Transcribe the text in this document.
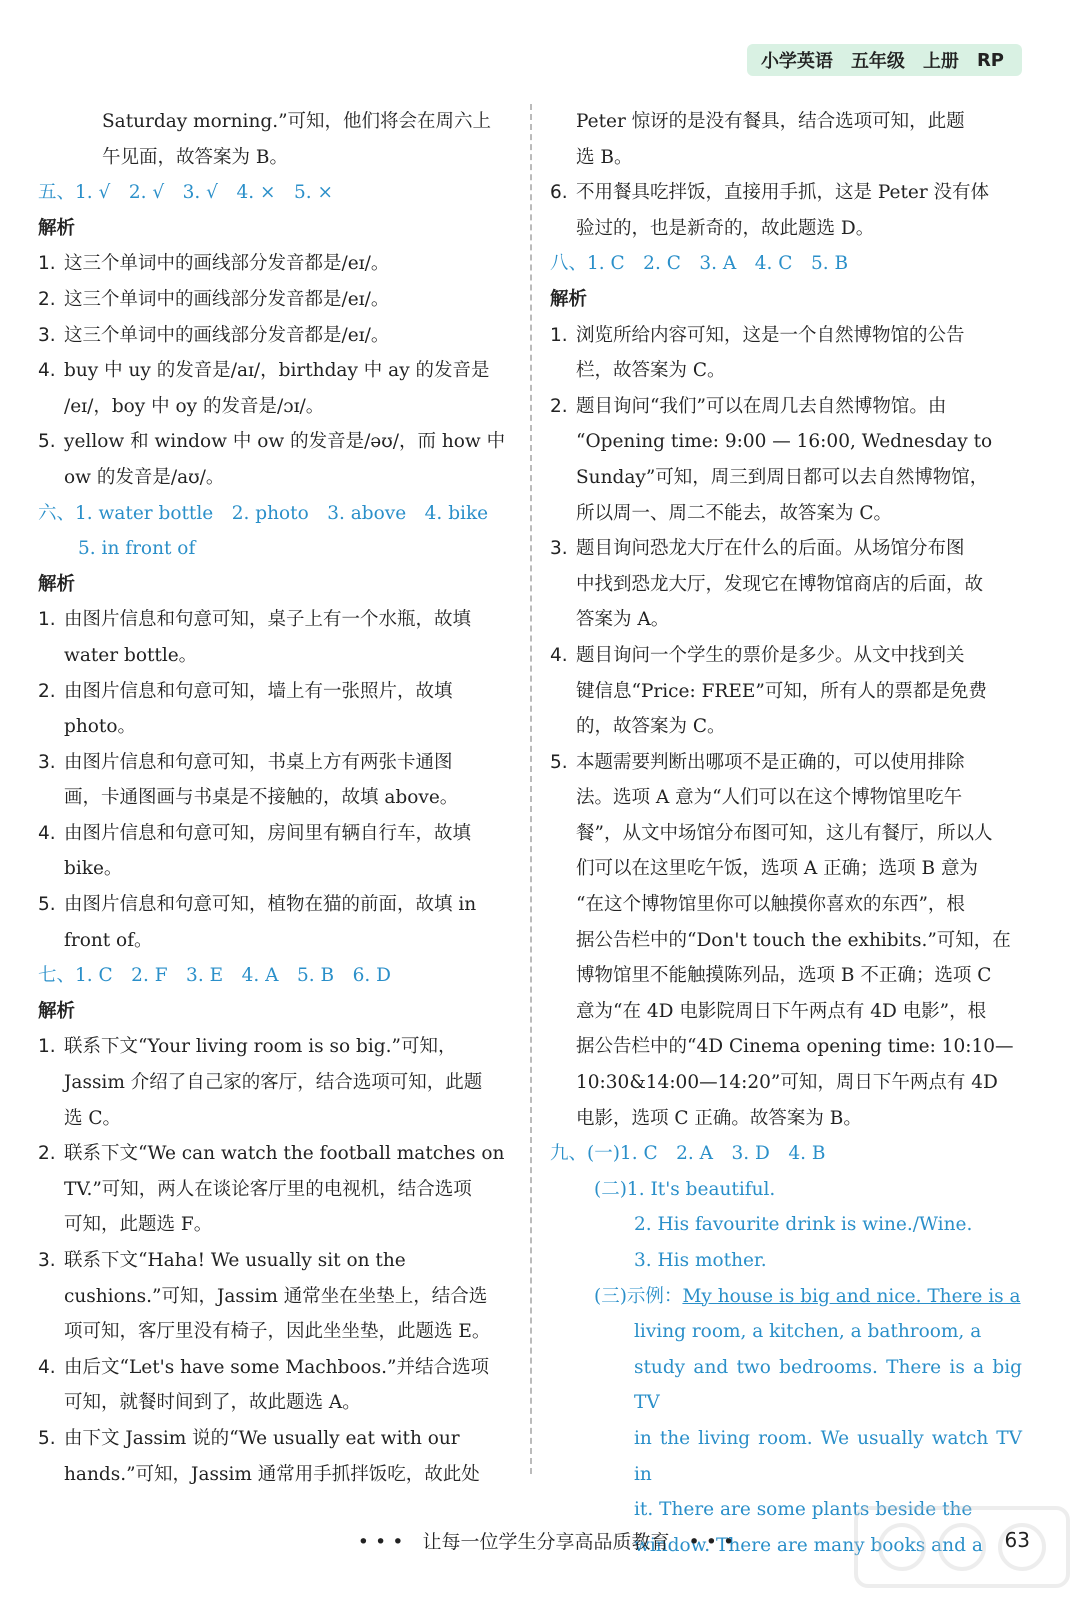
小学英语 五年级 上册 RP

Saturday morning.”可知，他们将会在周六上

午见面，故答案为 B。

五、1. √　2. √　3. √　4. ×　5. ×

解析

1. 这三个单词中的画线部分发音都是/eɪ/。

2. 这三个单词中的画线部分发音都是/eɪ/。

3. 这三个单词中的画线部分发音都是/eɪ/。

4. buy 中 uy 的发音是/aɪ/，birthday 中 ay 的发音是

/eɪ/，boy 中 oy 的发音是/ɔɪ/。

5. yellow 和 window 中 ow 的发音是/əʊ/，而 how 中

ow 的发音是/aʊ/。

六、1. water bottle　2. photo　3. above　4. bike

5. in front of

解析

1. 由图片信息和句意可知，桌子上有一个水瓶，故填

water bottle。

2. 由图片信息和句意可知，墙上有一张照片，故填

photo。

3. 由图片信息和句意可知，书桌上方有两张卡通图

画，卡通图画与书桌是不接触的，故填 above。

4. 由图片信息和句意可知，房间里有辆自行车，故填

bike。

5. 由图片信息和句意可知，植物在猫的前面，故填 in

front of。

七、1. C　2. F　3. E　4. A　5. B　6. D

解析

1. 联系下文“Your living room is so big.”可知，

Jassim 介绍了自己家的客厅，结合选项可知，此题

选 C。

2. 联系下文“We can watch the football matches on

TV.”可知，两人在谈论客厅里的电视机，结合选项

可知，此题选 F。

3. 联系下文“Haha! We usually sit on the

cushions.”可知，Jassim 通常坐在坐垫上，结合选

项可知，客厅里没有椅子，因此坐坐垫，此题选 E。

4. 由后文“Let's have some Machboos.”并结合选项

可知，就餐时间到了，故此题选 A。

5. 由下文 Jassim 说的“We usually eat with our

hands.”可知，Jassim 通常用手抓拌饭吃，故此处

Peter 惊讶的是没有餐具，结合选项可知，此题

选 B。

6. 不用餐具吃拌饭，直接用手抓，这是 Peter 没有体

验过的，也是新奇的，故此题选 D。

八、1. C　2. C　3. A　4. C　5. B

解析

1. 浏览所给内容可知，这是一个自然博物馆的公告

栏，故答案为 C。

2. 题目询问“我们”可以在周几去自然博物馆。由

“Opening time: 9:00 — 16:00, Wednesday to

Sunday”可知，周三到周日都可以去自然博物馆，

所以周一、周二不能去，故答案为 C。

3. 题目询问恐龙大厅在什么的后面。从场馆分布图

中找到恐龙大厅，发现它在博物馆商店的后面，故

答案为 A。

4. 题目询问一个学生的票价是多少。从文中找到关

键信息“Price: FREE”可知，所有人的票都是免费

的，故答案为 C。

5. 本题需要判断出哪项不是正确的，可以使用排除

法。选项 A 意为“人们可以在这个博物馆里吃午

餐”，从文中场馆分布图可知，这儿有餐厅，所以人

们可以在这里吃午饭，选项 A 正确；选项 B 意为

“在这个博物馆里你可以触摸你喜欢的东西”，根

据公告栏中的“Don't touch the exhibits.”可知，在

博物馆里不能触摸陈列品，选项 B 不正确；选项 C

意为“在 4D 电影院周日下午两点有 4D 电影”，根

据公告栏中的“4D Cinema opening time: 10:10—

10:30&14:00—14:20”可知，周日下午两点有 4D

电影，选项 C 正确。故答案为 B。

九、(一)1. C　2. A　3. D　4. B

(二)1. It's beautiful.

2. His favourite drink is wine./Wine.

3. His mother.

(三)示例：My house is big and nice. There is a

living room, a kitchen, a bathroom, a

study and two bedrooms. There is a big TV

in the living room. We usually watch TV in

it. There are some plants beside the

window. There are many books and a

• • •　让每一位学生分享高品质教育　• • •	63
